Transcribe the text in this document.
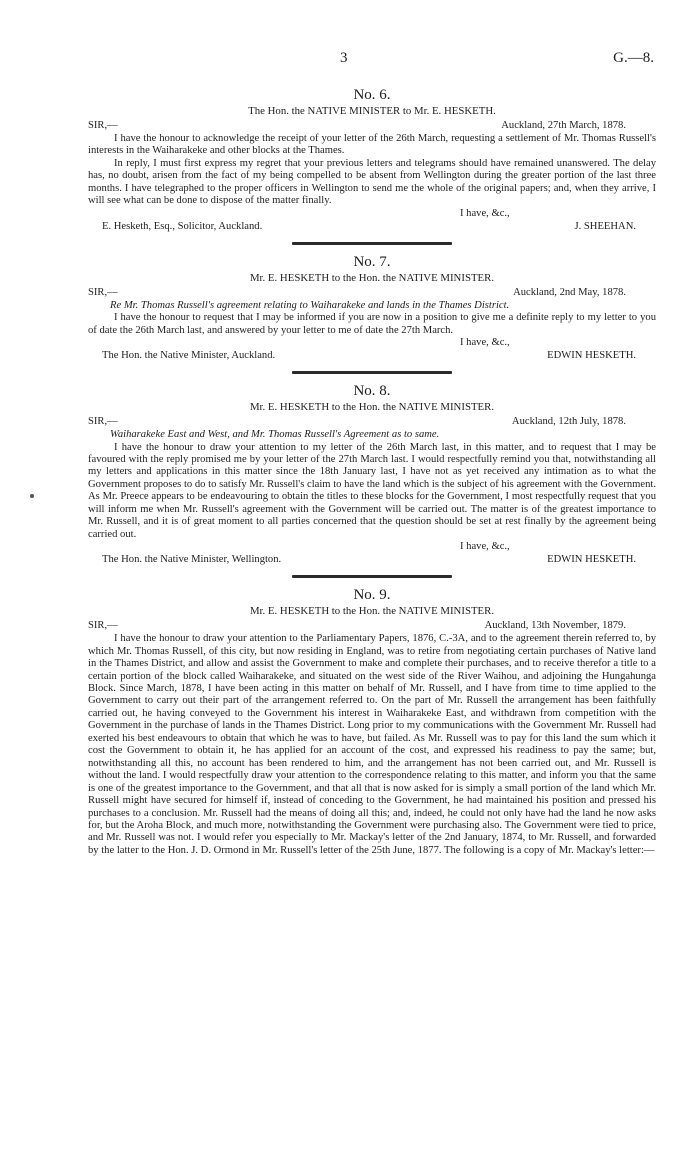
3	G.—8.

No. 6.

The Hon. the NATIVE MINISTER to Mr. E. HESKETH.

SIR,—	Auckland, 27th March, 1878.

I have the honour to acknowledge the receipt of your letter of the 26th March, requesting a settlement of Mr. Thomas Russell's interests in the Waiharakeke and other blocks at the Thames.

In reply, I must first express my regret that your previous letters and telegrams should have remained unanswered. The delay has, no doubt, arisen from the fact of my being compelled to be absent from Wellington during the greater portion of the last three months. I have telegraphed to the proper officers in Wellington to send me the whole of the original papers; and, when they arrive, I will see what can be done to dispose of the matter finally.

I have, &c.,
E. Hesketh, Esq., Solicitor, Auckland.	J. SHEEHAN.

No. 7.

Mr. E. HESKETH to the Hon. the NATIVE MINISTER.

SIR,—	Auckland, 2nd May, 1878.

Re Mr. Thomas Russell's agreement relating to Waiharakeke and lands in the Thames District.

I have the honour to request that I may be informed if you are now in a position to give me a definite reply to my letter to you of date the 26th March last, and answered by your letter to me of date the 27th March.

I have, &c.,
The Hon. the Native Minister, Auckland.	EDWIN HESKETH.

No. 8.

Mr. E. HESKETH to the Hon. the NATIVE MINISTER.

SIR,—	Auckland, 12th July, 1878.

Waiharakeke East and West, and Mr. Thomas Russell's Agreement as to same.

I have the honour to draw your attention to my letter of the 26th March last, in this matter, and to request that I may be favoured with the reply promised me by your letter of the 27th March last. I would respectfully remind you that, notwithstanding all my letters and applications in this matter since the 18th January last, I have not as yet received any intimation as to what the Government proposes to do to satisfy Mr. Russell's claim to have the land which is the subject of his agreement with the Government. As Mr. Preece appears to be endeavouring to obtain the titles to these blocks for the Government, I most respectfully request that you will inform me when Mr. Russell's agreement with the Government will be carried out. The matter is of the greatest importance to Mr. Russell, and it is of great moment to all parties concerned that the question should be set at rest finally by the agreement being carried out.

I have, &c.,
The Hon. the Native Minister, Wellington.	EDWIN HESKETH.

No. 9.

Mr. E. HESKETH to the Hon. the NATIVE MINISTER.

SIR,—	Auckland, 13th November, 1879.

I have the honour to draw your attention to the Parliamentary Papers, 1876, C.-3A, and to the agreement therein referred to, by which Mr. Thomas Russell, of this city, but now residing in England, was to retire from negotiating certain purchases of Native land in the Thames District, and allow and assist the Government to make and complete their purchases, and to receive therefor a title to a certain portion of the block called Waiharakeke, and situated on the west side of the River Waihou, and adjoining the Hungahunga Block. Since March, 1878, I have been acting in this matter on behalf of Mr. Russell, and I have from time to time applied to the Government to carry out their part of the arrangement referred to. On the part of Mr. Russell the arrangement has been faithfully carried out, he having conveyed to the Government his interest in Waiharakeke East, and withdrawn from competition with the Government in the purchase of lands in the Thames District. Long prior to my communications with the Government Mr. Russell had exerted his best endeavours to obtain that which he was to have, but failed. As Mr. Russell was to pay for this land the sum which it cost the Government to obtain it, he has applied for an account of the cost, and expressed his readiness to pay the same; but, notwithstanding all this, no account has been rendered to him, and the arrangement has not been carried out, and Mr. Russell is without the land. I would respectfully draw your attention to the correspondence relating to this matter, and inform you that the same is one of the greatest importance to the Government, and that all that is now asked for is simply a small portion of the land which Mr. Russell might have secured for himself if, instead of conceding to the Government, he had maintained his position and pressed his purchases to a conclusion. Mr. Russell had the means of doing all this; and, indeed, he could not only have had the land he now asks for, but the Aroha Block, and much more, notwithstanding the Government were purchasing also. The Government were tied to price, and Mr. Russell was not. I would refer you especially to Mr. Mackay's letter of the 2nd January, 1874, to Mr. Russell, and forwarded by the latter to the Hon. J. D. Ormond in Mr. Russell's letter of the 25th June, 1877. The following is a copy of Mr. Mackay's letter:—
